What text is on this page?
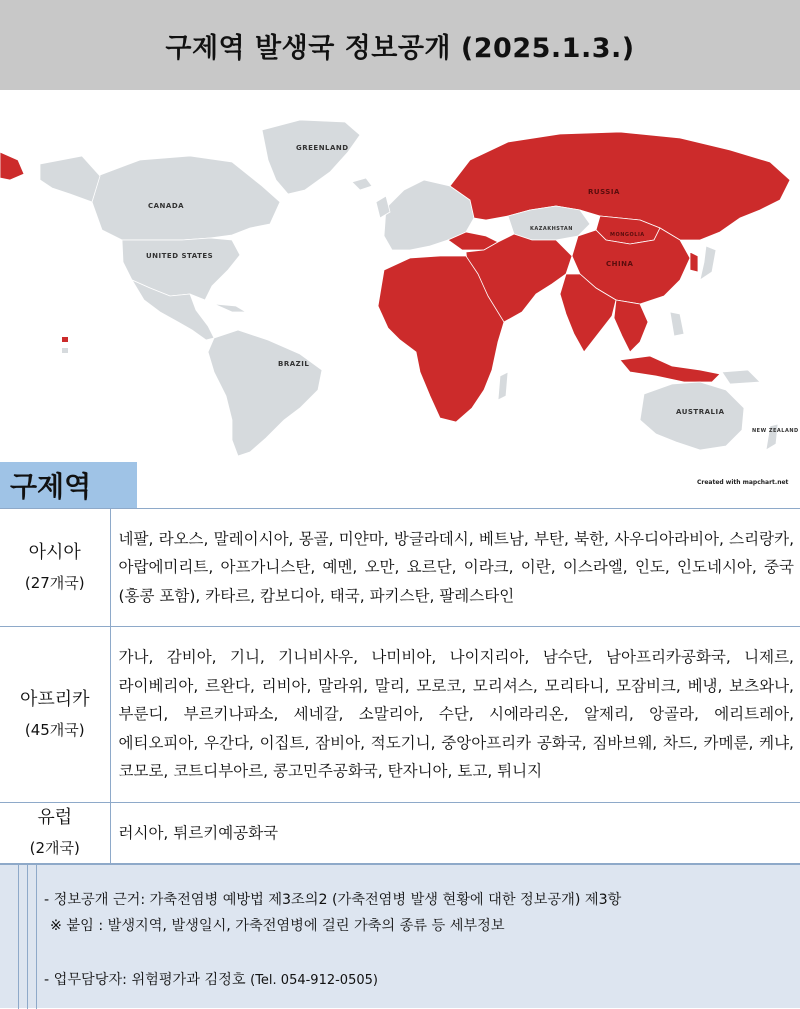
구제역 발생국 정보공개 (2025.1.3.)
GREENLAND
CANADA
UNITED STATES
BRAZIL
RUSSIA
CHINA
KAZAKHSTAN
MONGOLIA
AUSTRALIA
NEW ZEALAND
Created with mapchart.net
구제역
아시아
(27개국)	네팔, 라오스, 말레이시아, 몽골, 미얀마, 방글라데시, 베트남, 부탄, 북한, 사우디아라비아, 스리랑카, 아랍에미리트, 아프가니스탄, 예멘, 오만, 요르단, 이라크, 이란, 이스라엘, 인도, 인도네시아, 중국(홍콩 포함), 카타르, 캄보디아, 태국, 파키스탄, 팔레스타인

아프리카
(45개국)	가나, 감비아, 기니, 기니비사우, 나미비아, 나이지리아, 남수단, 남아프리카공화국, 니제르, 라이베리아, 르완다, 리비아, 말라위, 말리, 모로코, 모리셔스, 모리타니, 모잠비크, 베냉, 보츠와나, 부룬디, 부르키나파소, 세네갈, 소말리아, 수단, 시에라리온, 알제리, 앙골라, 에리트레아, 에티오피아, 우간다, 이집트, 잠비아, 적도기니, 중앙아프리카 공화국, 짐바브웨, 차드, 카메룬, 케냐, 코모로, 코트디부아르, 콩고민주공화국, 탄자니아, 토고, 튀니지

유럽
(2개국)	러시아, 튀르키예공화국
- 정보공개 근거: 가축전염병 예방법 제3조의2 (가축전염병 발생 현황에 대한 정보공개) 제3항
※ 붙임 : 발생지역, 발생일시, 가축전염병에 걸린 가축의 종류 등 세부정보
- 업무담당자: 위험평가과 김정호 (Tel. 054-912-0505)
